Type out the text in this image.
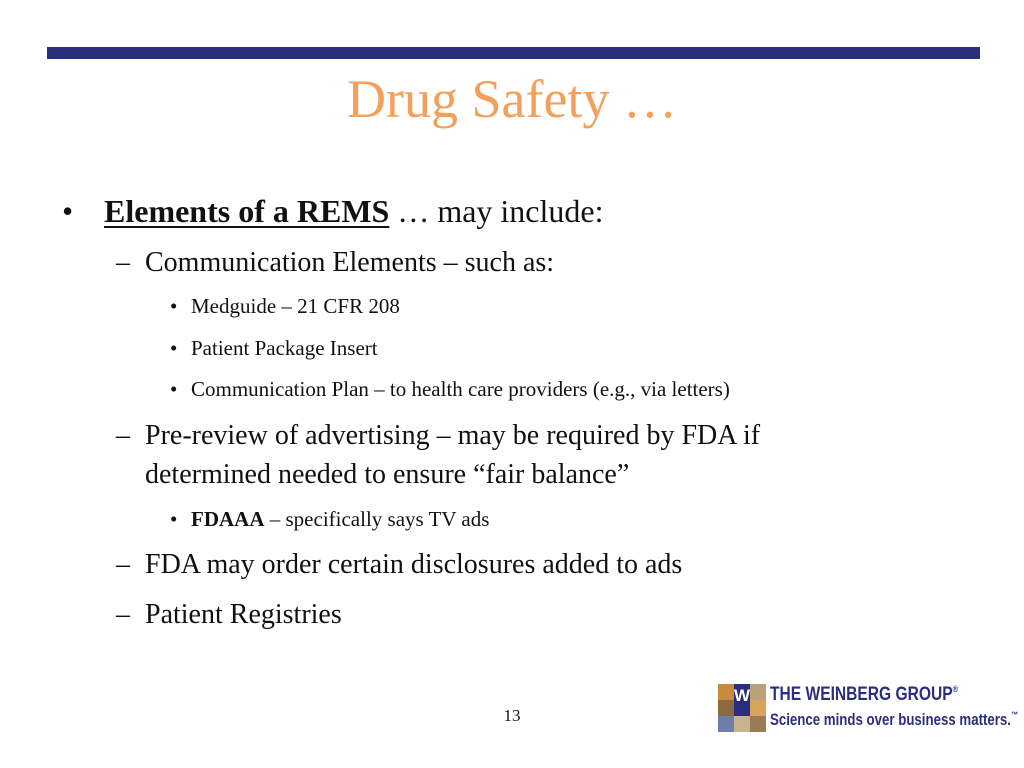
Drug Safety …
• Elements of a REMS … may include:
– Communication Elements – such as:
• Medguide – 21 CFR 208
• Patient Package Insert
• Communication Plan – to health care providers (e.g., via letters)
– Pre-review of advertising – may be required by FDA if
determined needed to ensure “fair balance”
• FDAAA – specifically says TV ads
– FDA may order certain disclosures added to ads
– Patient Registries
13
W THE WEINBERG GROUP®
Science minds over business matters.™
